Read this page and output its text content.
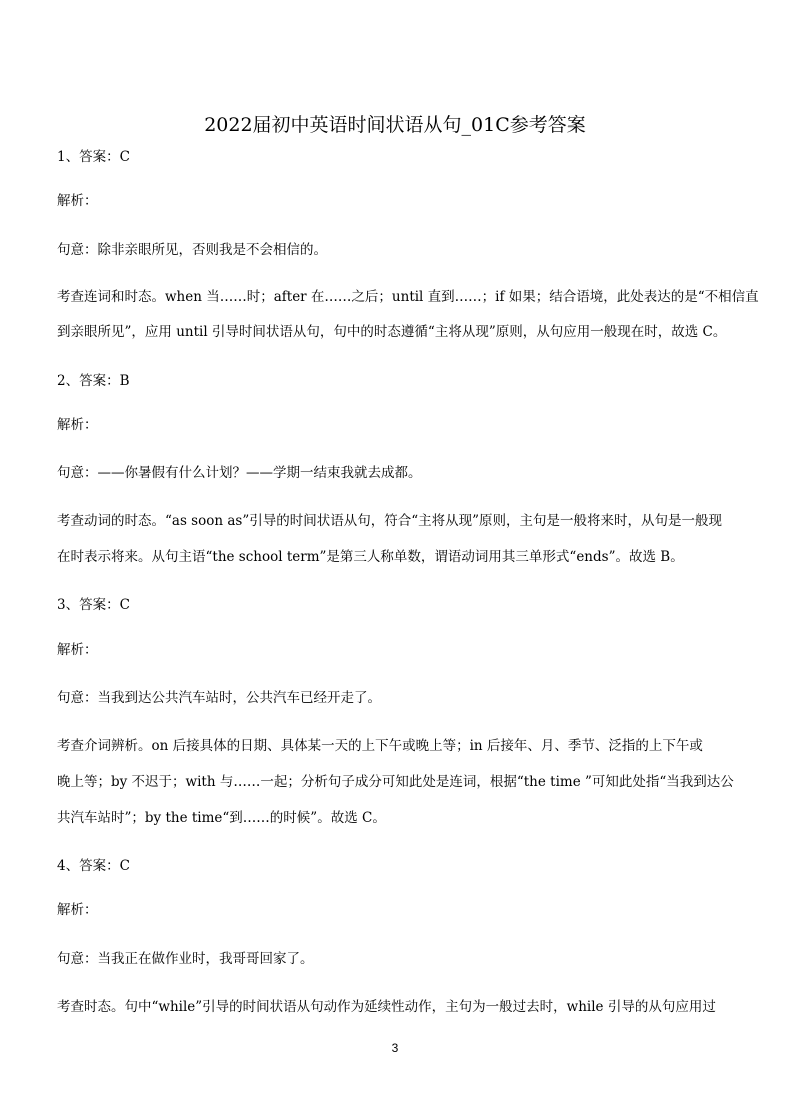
2022届初中英语时间状语从句_01C参考答案
1、答案：C
解析：
句意：除非亲眼所见，否则我是不会相信的。
考查连词和时态。when 当……时；after 在……之后；until 直到……；if 如果；结合语境，此处表达的是“不相信直
到亲眼所见”，应用 until 引导时间状语从句，句中的时态遵循“主将从现”原则，从句应用一般现在时，故选 C。
2、答案：B
解析：
句意：——你暑假有什么计划？——学期一结束我就去成都。
考查动词的时态。“as soon as”引导的时间状语从句，符合“主将从现”原则，主句是一般将来时，从句是一般现
在时表示将来。从句主语“the school term”是第三人称单数，谓语动词用其三单形式“ends”。故选 B。
3、答案：C
解析：
句意：当我到达公共汽车站时，公共汽车已经开走了。
考查介词辨析。on 后接具体的日期、具体某一天的上下午或晚上等；in 后接年、月、季节、泛指的上下午或
晚上等；by 不迟于；with 与……一起；分析句子成分可知此处是连词，根据“the time ”可知此处指“当我到达公
共汽车站时”；by the time“到……的时候”。故选 C。
4、答案：C
解析：
句意：当我正在做作业时，我哥哥回家了。
考查时态。句中“while”引导的时间状语从句动作为延续性动作，主句为一般过去时，while 引导的从句应用过
3
